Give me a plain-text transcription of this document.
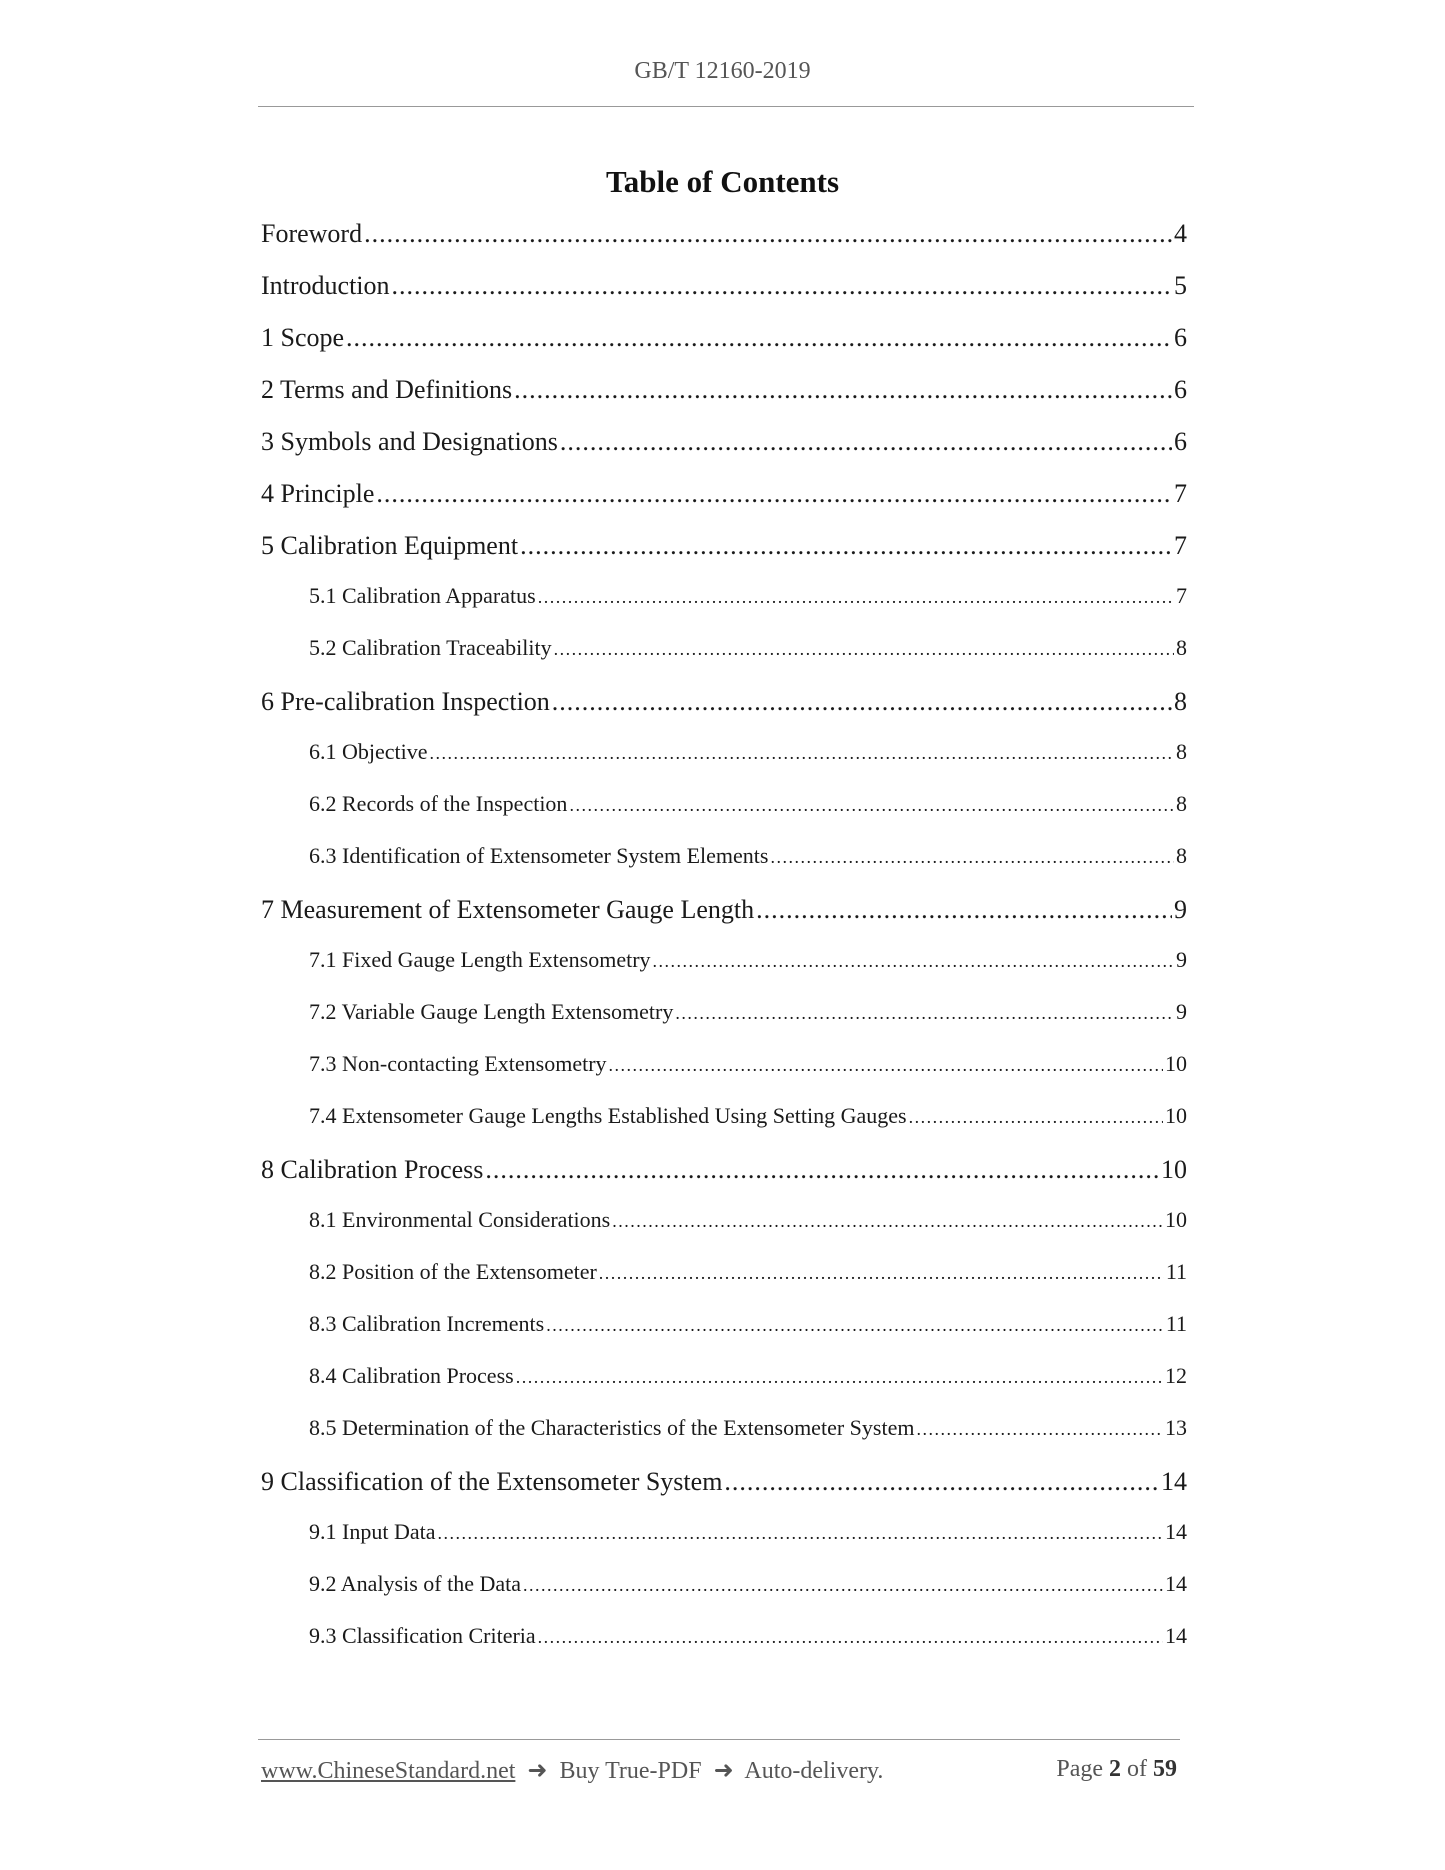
GB/T 12160-2019
Table of Contents
Foreword .....	4
Introduction .....	5
1 Scope .....	6
2 Terms and Definitions .....	6
3 Symbols and Designations .....	6
4 Principle .....	7
5 Calibration Equipment .....	7
5.1 Calibration Apparatus .....	7
5.2 Calibration Traceability .....	8
6 Pre-calibration Inspection .....	8
6.1 Objective .....	8
6.2 Records of the Inspection .....	8
6.3 Identification of Extensometer System Elements .....	8
7 Measurement of Extensometer Gauge Length .....	9
7.1 Fixed Gauge Length Extensometry .....	9
7.2 Variable Gauge Length Extensometry .....	9
7.3 Non-contacting Extensometry .....	10
7.4 Extensometer Gauge Lengths Established Using Setting Gauges .....	10
8 Calibration Process .....	10
8.1 Environmental Considerations .....	10
8.2 Position of the Extensometer .....	11
8.3 Calibration Increments .....	11
8.4 Calibration Process .....	12
8.5 Determination of the Characteristics of the Extensometer System .....	13
9 Classification of the Extensometer System .....	14
9.1 Input Data .....	14
9.2 Analysis of the Data .....	14
9.3 Classification Criteria .....	14
www.ChineseStandard.net ➜ Buy True-PDF ➜ Auto-delivery.	Page 2 of 59
